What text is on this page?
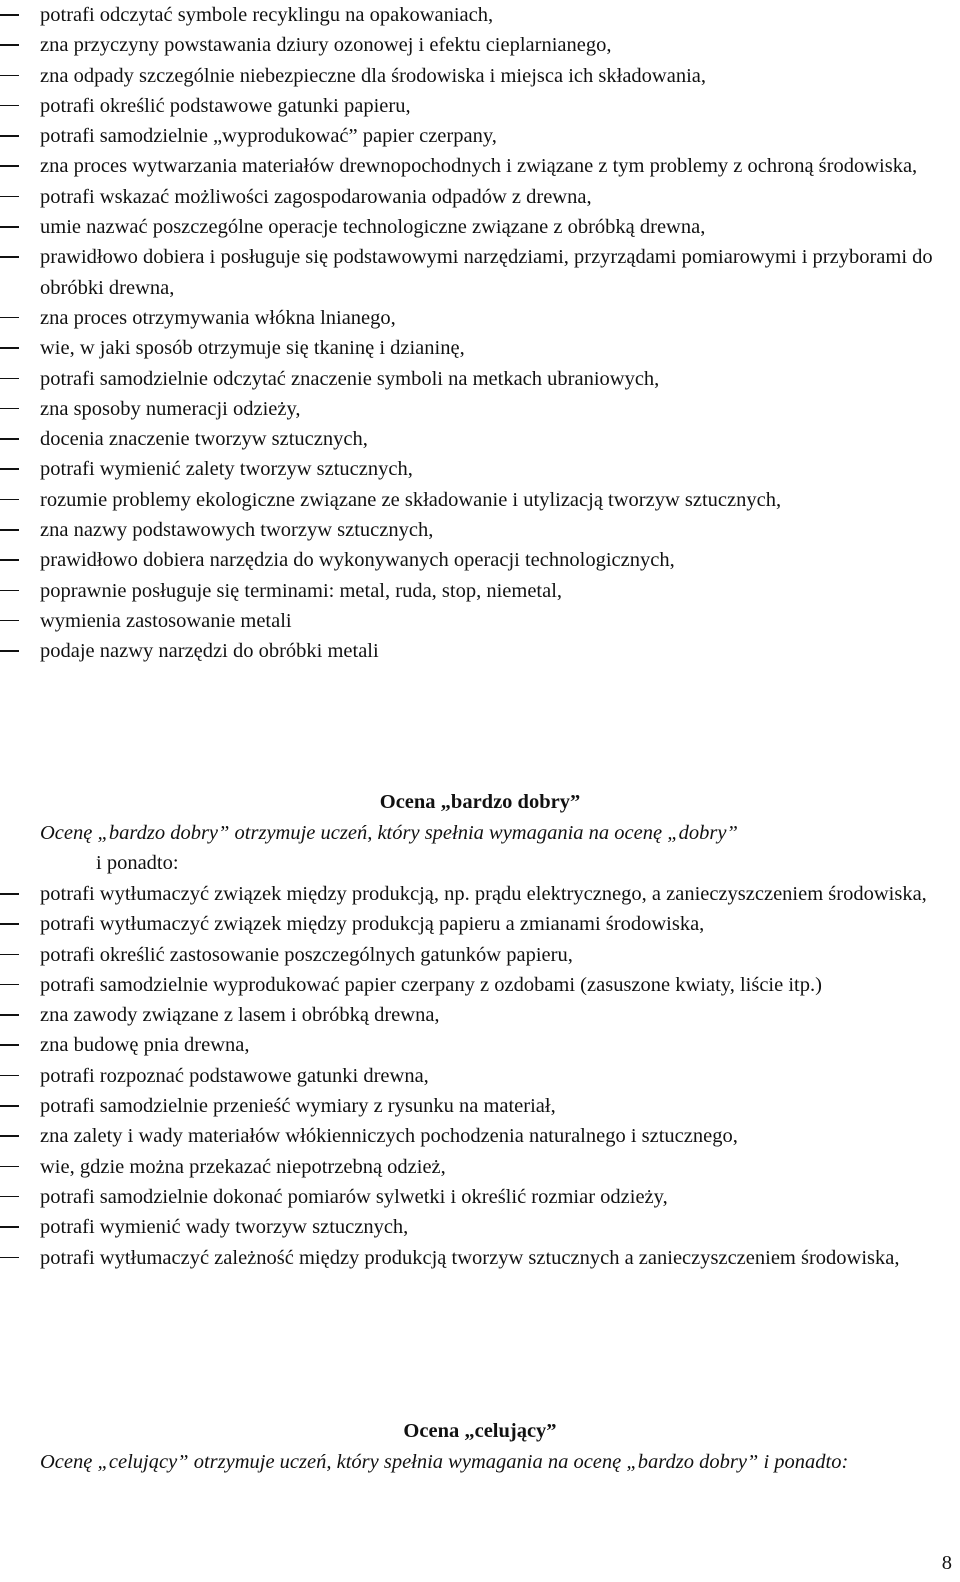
potrafi odczytać symbole recyklingu na opakowaniach,
zna przyczyny powstawania dziury ozonowej i efektu cieplarnianego,
zna odpady szczególnie niebezpieczne dla środowiska i miejsca ich składowania,
potrafi określić podstawowe gatunki papieru,
potrafi samodzielnie „wyprodukować” papier czerpany,
zna proces wytwarzania materiałów drewnopochodnych i związane z tym problemy z ochroną środowiska,
potrafi wskazać możliwości zagospodarowania odpadów z drewna,
umie nazwać poszczególne operacje technologiczne związane z obróbką drewna,
prawidłowo dobiera i posługuje się podstawowymi narzędziami, przyrządami pomiarowymi i przyborami do obróbki drewna,
zna proces otrzymywania włókna lnianego,
wie, w jaki sposób otrzymuje się tkaninę i dzianinę,
potrafi samodzielnie odczytać znaczenie symboli na metkach ubraniowych,
zna sposoby numeracji odzieży,
docenia znaczenie tworzyw sztucznych,
potrafi wymienić zalety tworzyw sztucznych,
rozumie problemy ekologiczne związane ze składowanie i utylizacją tworzyw sztucznych,
zna nazwy podstawowych tworzyw sztucznych,
prawidłowo dobiera narzędzia do wykonywanych operacji technologicznych,
poprawnie posługuje się terminami: metal, ruda, stop, niemetal,
wymienia zastosowanie metali
podaje nazwy narzędzi do obróbki metali
Ocena „bardzo dobry”
Ocenę „bardzo dobry” otrzymuje uczeń, który spełnia wymagania na ocenę „dobry”
i ponadto:
potrafi wytłumaczyć związek między produkcją, np. prądu elektrycznego, a zanieczyszczeniem środowiska,
potrafi wytłumaczyć związek między produkcją papieru a zmianami środowiska,
potrafi określić zastosowanie poszczególnych gatunków papieru,
potrafi samodzielnie wyprodukować papier czerpany z ozdobami (zasuszone kwiaty, liście itp.)
zna zawody związane z lasem i obróbką drewna,
zna budowę pnia drewna,
potrafi rozpoznać podstawowe gatunki drewna,
potrafi samodzielnie przenieść wymiary z rysunku na materiał,
zna zalety i wady materiałów włókienniczych pochodzenia naturalnego i sztucznego,
wie, gdzie można przekazać niepotrzebną odzież,
potrafi samodzielnie dokonać pomiarów sylwetki i określić rozmiar odzieży,
potrafi wymienić wady tworzyw sztucznych,
potrafi wytłumaczyć zależność między produkcją tworzyw sztucznych a zanieczyszczeniem środowiska,
Ocena „celujący”
Ocenę „celujący” otrzymuje uczeń, który spełnia wymagania na ocenę „bardzo dobry” i ponadto:
8
